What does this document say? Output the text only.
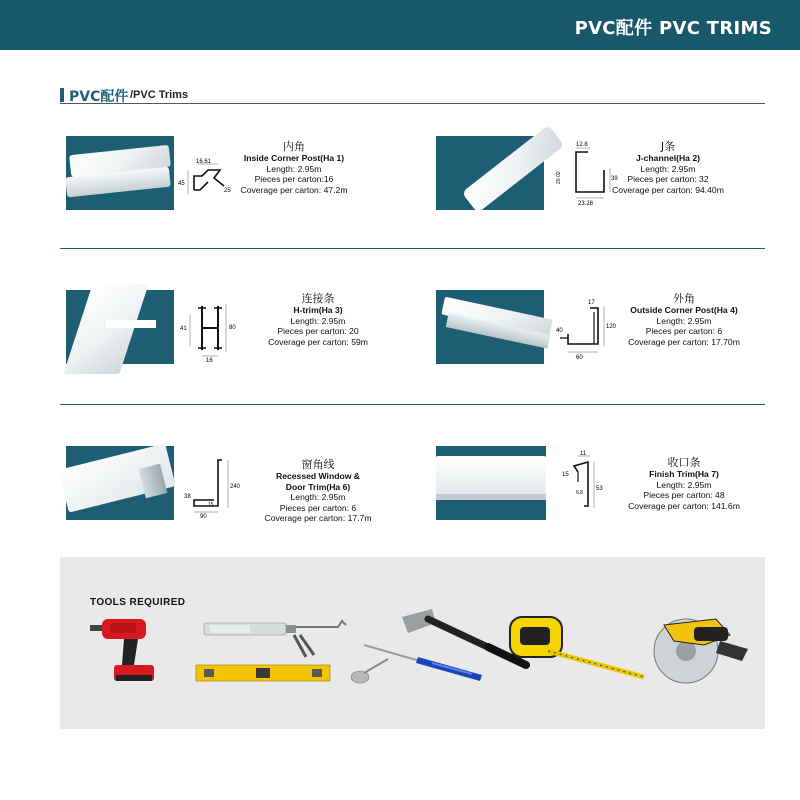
PVC配件 PVC TRIMS
PVC配件 /PVC Trims
16.61
45
25
内角
Inside Corner Post(Ha 1)
Length: 2.95m
Pieces per carton:16
Coverage per carton: 47.2m
12.8
39
23.28
20.02
J条
J-channel(Ha 2)
Length: 2.95m
Pieces per carton: 32
Coverage per carton: 94.40m
80
41
16
连接条
H-trim(Ha 3)
Length: 2.95m
Pieces per carton: 20
Coverage per carton: 59m
17
40
120
60
外角
Outside Corner Post(Ha 4)
Length: 2.95m
Pieces per carton: 6
Coverage per carton: 17.70m
38
15
240
90
窗角线
Recessed Window &
Door Trim(Ha 6)
Length: 2.95m
Pieces per carton: 6
Coverage per carton: 17.7m
11
15
53
6.8
收口条
Finish Trim(Ha 7)
Length: 2.95m
Pieces per carton: 48
Coverage per carton: 141.6m
TOOLS REQUIRED
